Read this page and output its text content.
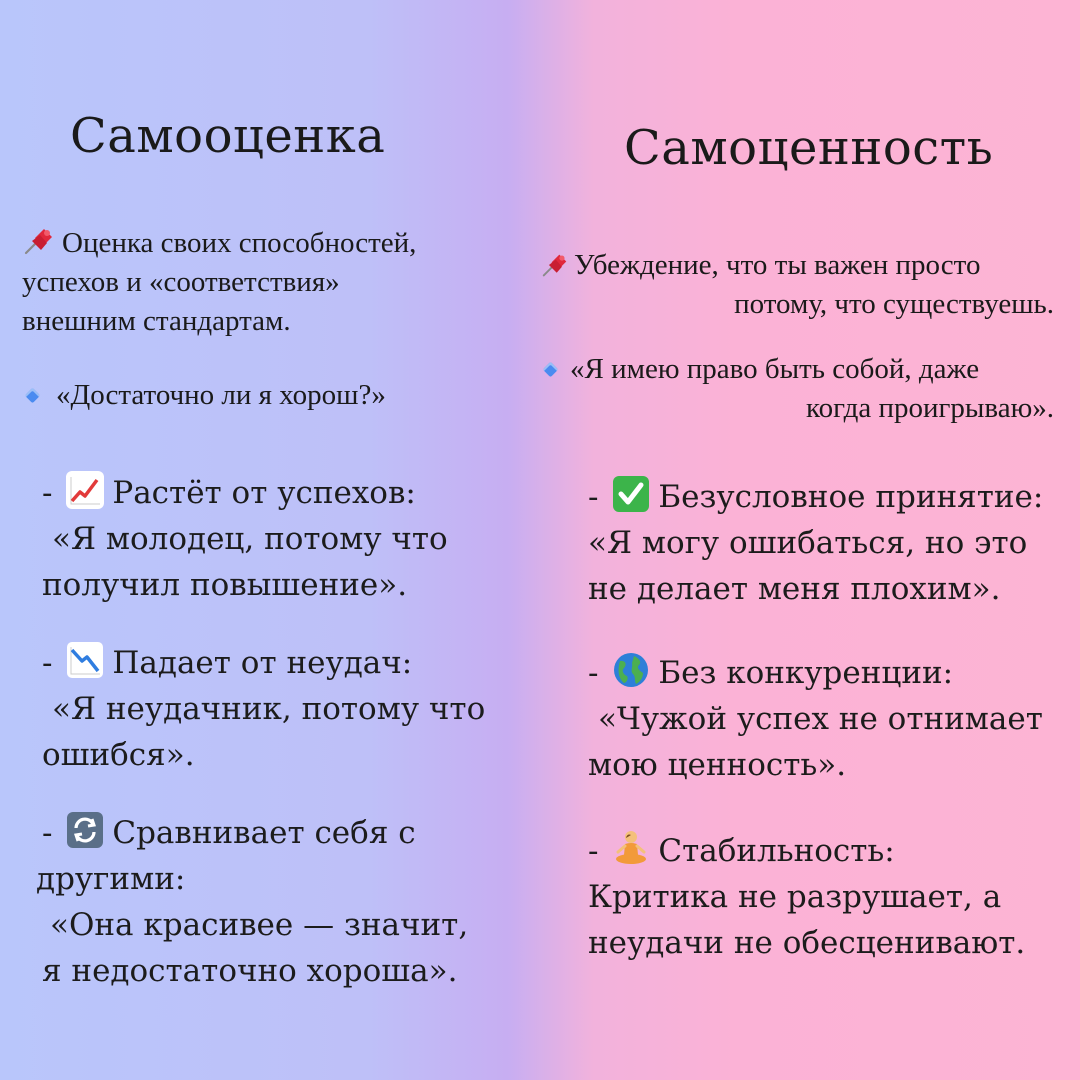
Самооценка
Оценка своих способностей,
успехов и «соответствия»
внешним стандартам.
«Достаточно ли я хорош?»
- Растёт от успехов:
«Я молодец, потому что
получил повышение».
- Падает от неудач:
«Я неудачник, потому что
ошибся».
- Сравнивает себя с
другими:
«Она красивее — значит,
я недостаточно хороша».
Самоценность
Убеждение, что ты важен просто
потому, что существуешь.
«Я имею право быть собой, даже
когда проигрываю».
- Безусловное принятие:
«Я могу ошибаться, но это
не делает меня плохим».
- Без конкуренции:
«Чужой успех не отнимает
мою ценность».
- Стабильность:
Критика не разрушает, а
неудачи не обесценивают.
